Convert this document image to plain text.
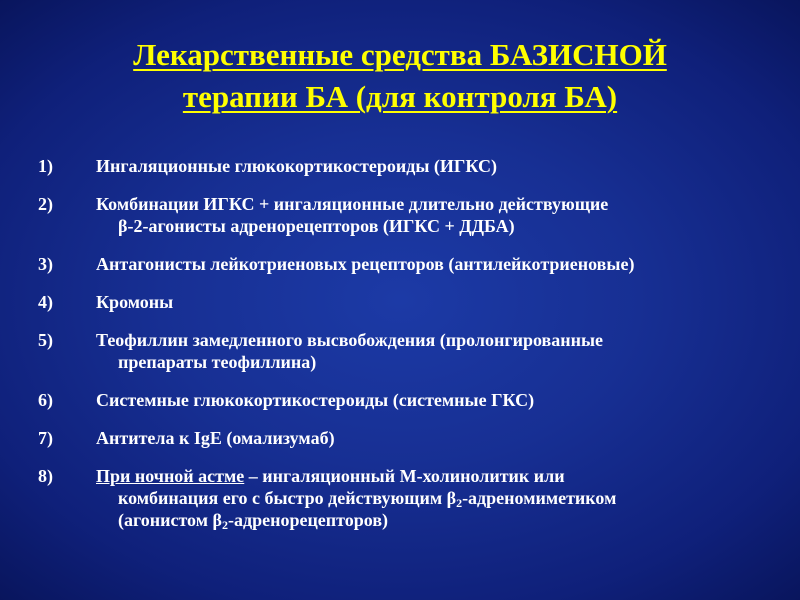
Лекарственные средства БАЗИСНОЙ
терапии БА (для контроля БА)
1)	Ингаляционные глюкокортикостероиды (ИГКС)
2)	Комбинации ИГКС + ингаляционные длительно действующие
β-2-агонисты адренорецепторов (ИГКС + ДДБА)
3)	Антагонисты лейкотриеновых рецепторов (антилейкотриеновые)
4)	Кромоны
5)	Теофиллин замедленного высвобождения (пролонгированные
препараты теофиллина)
6)	Системные глюкокортикостероиды (системные ГКС)
7)	Антитела к IgE (омализумаб)
8)	При ночной астме – ингаляционный М-холинолитик или
комбинация его с быстро действующим $\beta_2$-адреномиметиком
(агонистом $\beta_2-адренорецепторов$)
